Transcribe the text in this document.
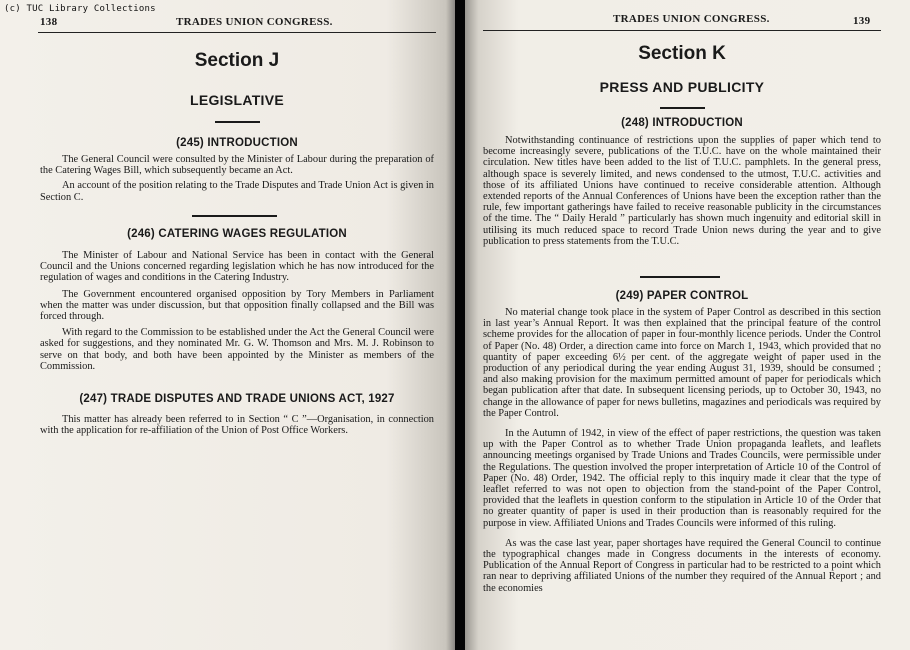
(c) TUC Library Collections
138	TRADES UNION CONGRESS.
Section J
LEGISLATIVE
(245) INTRODUCTION

The General Council were consulted by the Minister of Labour during the preparation of the Catering Wages Bill, which subsequently became an Act.

An account of the position relating to the Trade Disputes and Trade Union Act is given in Section C.

(246) CATERING WAGES REGULATION

The Minister of Labour and National Service has been in contact with the General Council and the Unions concerned regarding legislation which he has now introduced for the regulation of wages and conditions in the Catering Industry.

The Government encountered organised opposition by Tory Members in Parliament when the matter was under discussion, but that opposition finally collapsed and the Bill was forced through.

With regard to the Commission to be established under the Act the General Council were asked for suggestions, and they nominated Mr. G. W. Thomson and Mrs. M. J. Robinson to serve on that body, and both have been appointed by the Minister as members of the Commission.

(247) TRADE DISPUTES AND TRADE UNIONS ACT, 1927

This matter has already been referred to in Section “ C ”—Organisation, in connection with the application for re-affiliation of the Union of Post Office Workers.

TRADES UNION CONGRESS.	139
Section K
PRESS AND PUBLICITY
(248) INTRODUCTION

Notwithstanding continuance of restrictions upon the supplies of paper which tend to become increasingly severe, publications of the T.U.C. have on the whole maintained their circulation. New titles have been added to the list of T.U.C. pamphlets. In the general press, although space is severely limited, and news condensed to the utmost, T.U.C. activities and those of its affiliated Unions have continued to receive considerable attention. Although extended reports of the Annual Conferences of Unions have been the exception rather than the rule, few important gatherings have failed to receive reasonable publicity in the circumstances of the time. The “ Daily Herald ” particularly has shown much ingenuity and editorial skill in utilising its much reduced space to record Trade Union news during the year and to give publication to press statements from the T.U.C.

(249) PAPER CONTROL

No material change took place in the system of Paper Control as described in this section in last year’s Annual Report. It was then explained that the principal feature of the control scheme provides for the allocation of paper in four-monthly licence periods. Under the Control of Paper (No. 48) Order, a direction came into force on March 1, 1943, which provided that no quantity of paper exceeding 6½ per cent. of the aggregate weight of paper used in the production of any periodical during the year ending August 31, 1939, should be consumed ; and also making provision for the maximum permitted amount of paper for periodicals which began publication after that date. In subsequent licensing periods, up to October 30, 1943, no change in the allowance of paper for news bulletins, magazines and periodicals was required by the Paper Control.

In the Autumn of 1942, in view of the effect of paper restrictions, the question was taken up with the Paper Control as to whether Trade Union propaganda leaflets, and leaflets announcing meetings organised by Trade Unions and Trades Councils, were permissible under the Regulations. The question involved the proper interpretation of Article 10 of the Control of Paper (No. 48) Order, 1942. The official reply to this inquiry made it clear that the type of leaflet referred to was not open to objection from the stand-point of the Paper Control, provided that the leaflets in question conform to the stipulation in Article 10 of the Order that no greater quantity of paper is used in their production than is reasonably required for the purpose in view. Affiliated Unions and Trades Councils were informed of this ruling.

As was the case last year, paper shortages have required the General Council to continue the typographical changes made in Congress documents in the interests of economy. Publication of the Annual Report of Congress in particular had to be restricted to a point which ran near to depriving affiliated Unions of the number they required of the Annual Report ; and the economies
